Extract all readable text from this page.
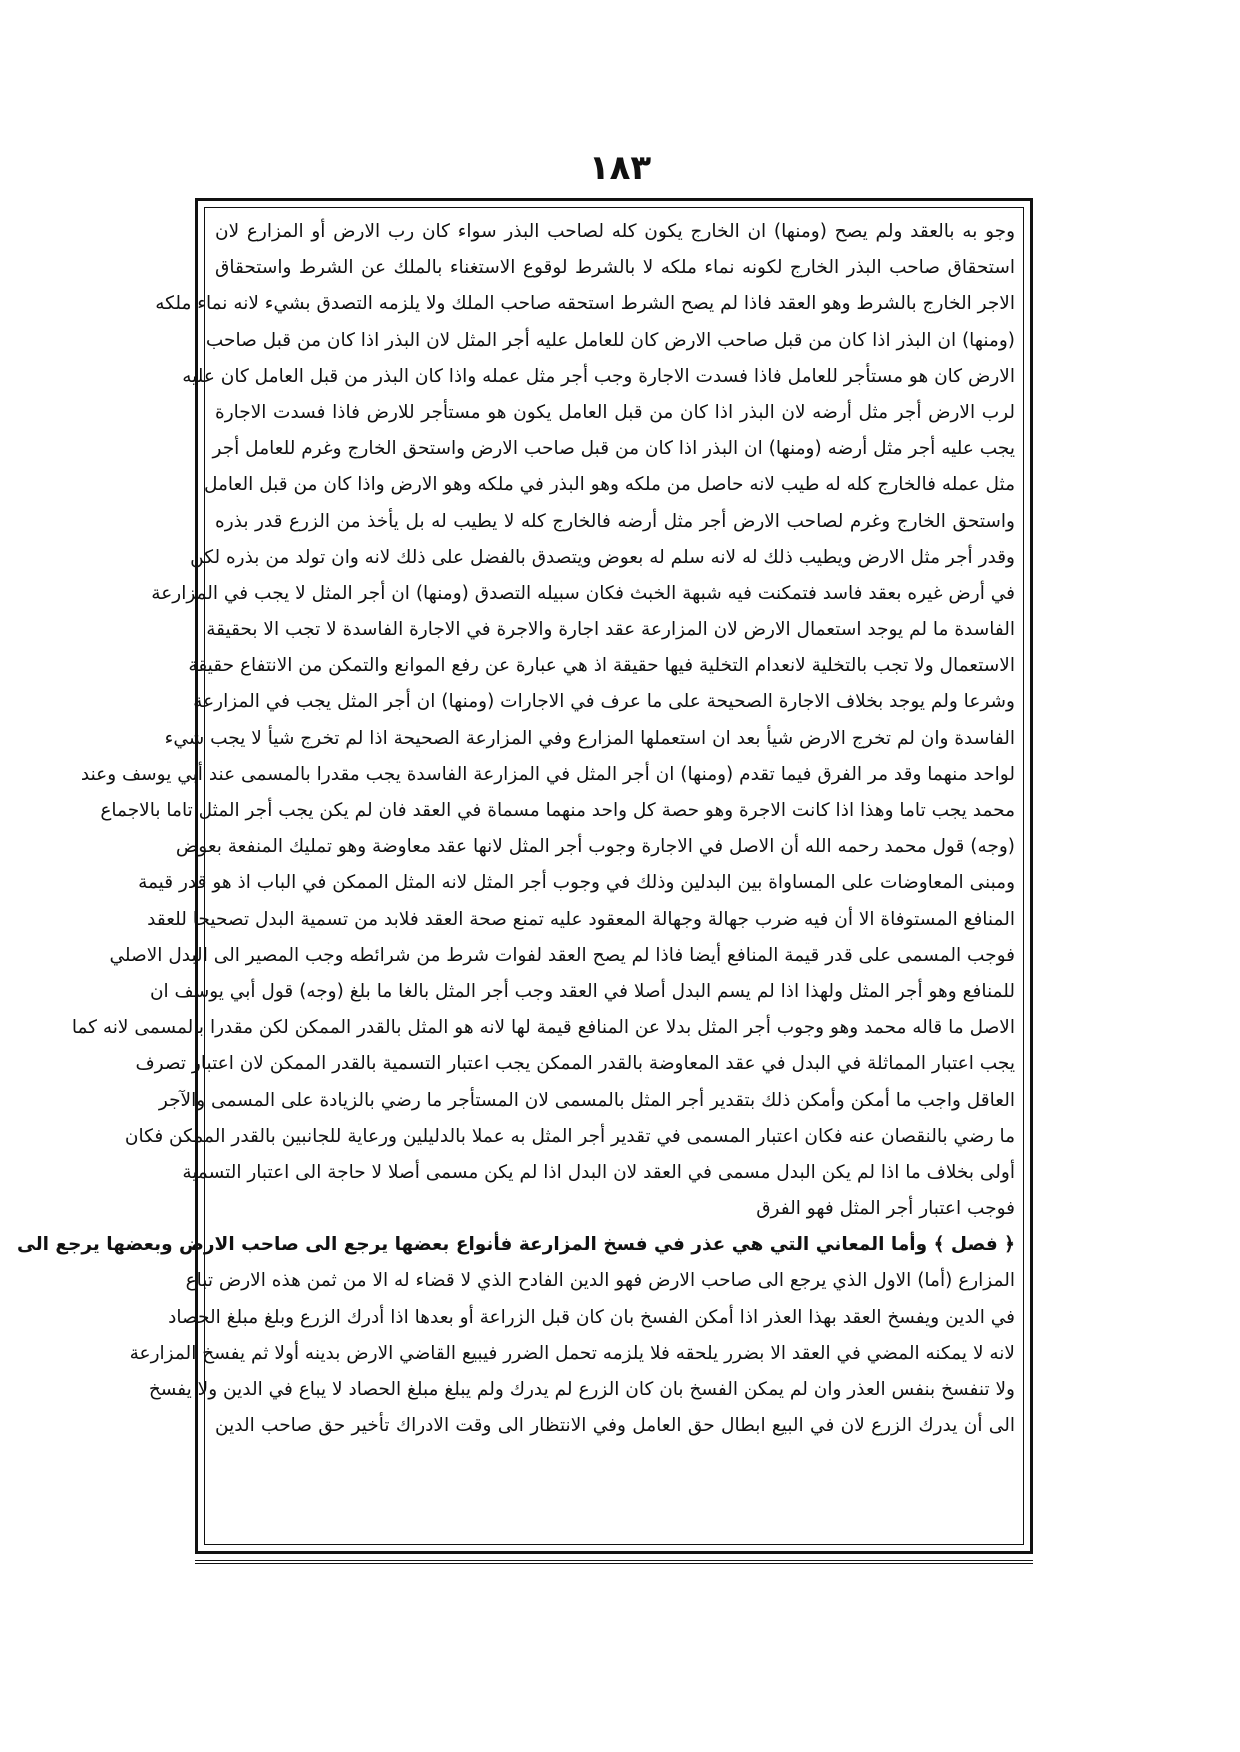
١٨٣
وجو به بالعقد ولم يصح (ومنها) ان الخارج يكون كله لصاحب البذر سواء كان رب الارض أو المزارع لان
استحقاق صاحب البذر الخارج لكونه نماء ملكه لا بالشرط لوقوع الاستغناء بالملك عن الشرط واستحقاق
الاجر الخارج بالشرط وهو العقد فاذا لم يصح الشرط استحقه صاحب الملك ولا يلزمه التصدق بشيء لانه نماء ملكه
(ومنها) ان البذر اذا كان من قبل صاحب الارض كان للعامل عليه أجر المثل لان البذر اذا كان من قبل صاحب
الارض كان هو مستأجر للعامل فاذا فسدت الاجارة وجب أجر مثل عمله واذا كان البذر من قبل العامل كان عليه
لرب الارض أجر مثل أرضه لان البذر اذا كان من قبل العامل يكون هو مستأجر للارض فاذا فسدت الاجارة
يجب عليه أجر مثل أرضه (ومنها) ان البذر اذا كان من قبل صاحب الارض واستحق الخارج وغرم للعامل أجر
مثل عمله فالخارج كله له طيب لانه حاصل من ملكه وهو البذر في ملكه وهو الارض واذا كان من قبل العامل
واستحق الخارج وغرم لصاحب الارض أجر مثل أرضه فالخارج كله لا يطيب له بل يأخذ من الزرع قدر بذره
وقدر أجر مثل الارض ويطيب ذلك له لانه سلم له بعوض ويتصدق بالفضل على ذلك لانه وان تولد من بذره لكن
في أرض غيره بعقد فاسد فتمكنت فيه شبهة الخبث فكان سبيله التصدق (ومنها) ان أجر المثل لا يجب في المزارعة
الفاسدة ما لم يوجد استعمال الارض لان المزارعة عقد اجارة والاجرة في الاجارة الفاسدة لا تجب الا بحقيقة
الاستعمال ولا تجب بالتخلية لانعدام التخلية فيها حقيقة اذ هي عبارة عن رفع الموانع والتمكن من الانتفاع حقيقة
وشرعا ولم يوجد بخلاف الاجارة الصحيحة على ما عرف في الاجارات (ومنها) ان أجر المثل يجب في المزارعة
الفاسدة وان لم تخرج الارض شيأ بعد ان استعملها المزارع وفي المزارعة الصحيحة اذا لم تخرج شيأ لا يجب شيء
لواحد منهما وقد مر الفرق فيما تقدم (ومنها) ان أجر المثل في المزارعة الفاسدة يجب مقدرا بالمسمى عند أبي يوسف وعند
محمد يجب تاما وهذا اذا كانت الاجرة وهو حصة كل واحد منهما مسماة في العقد فان لم يكن يجب أجر المثل تاما بالاجماع
(وجه) قول محمد رحمه الله أن الاصل في الاجارة وجوب أجر المثل لانها عقد معاوضة وهو تمليك المنفعة بعوض
ومبنى المعاوضات على المساواة بين البدلين وذلك في وجوب أجر المثل لانه المثل الممكن في الباب اذ هو قدر قيمة
المنافع المستوفاة الا أن فيه ضرب جهالة وجهالة المعقود عليه تمنع صحة العقد فلابد من تسمية البدل تصحيحا للعقد
فوجب المسمى على قدر قيمة المنافع أيضا فاذا لم يصح العقد لفوات شرط من شرائطه وجب المصير الى البدل الاصلي
للمنافع وهو أجر المثل ولهذا اذا لم يسم البدل أصلا في العقد وجب أجر المثل بالغا ما بلغ (وجه) قول أبي يوسف ان
الاصل ما قاله محمد وهو وجوب أجر المثل بدلا عن المنافع قيمة لها لانه هو المثل بالقدر الممكن لكن مقدرا بالمسمى لانه كما
يجب اعتبار المماثلة في البدل في عقد المعاوضة بالقدر الممكن يجب اعتبار التسمية بالقدر الممكن لان اعتبار تصرف
العاقل واجب ما أمكن وأمكن ذلك بتقدير أجر المثل بالمسمى لان المستأجر ما رضي بالزيادة على المسمى والآجر
ما رضي بالنقصان عنه فكان اعتبار المسمى في تقدير أجر المثل به عملا بالدليلين ورعاية للجانبين بالقدر الممكن فكان
أولى بخلاف ما اذا لم يكن البدل مسمى في العقد لان البدل اذا لم يكن مسمى أصلا لا حاجة الى اعتبار التسمية
فوجب اعتبار أجر المثل فهو الفرق
﴿ فصل ﴾ وأما المعاني التي هي عذر في فسخ المزارعة فأنواع بعضها يرجع الى صاحب الارض وبعضها يرجع الى
المزارع (أما) الاول الذي يرجع الى صاحب الارض فهو الدين الفادح الذي لا قضاء له الا من ثمن هذه الارض تباع
في الدين ويفسخ العقد بهذا العذر اذا أمكن الفسخ بان كان قبل الزراعة أو بعدها اذا أدرك الزرع وبلغ مبلغ الحصاد
لانه لا يمكنه المضي في العقد الا بضرر يلحقه فلا يلزمه تحمل الضرر فيبيع القاضي الارض بدينه أولا ثم يفسخ المزارعة
ولا تنفسخ بنفس العذر وان لم يمكن الفسخ بان كان الزرع لم يدرك ولم يبلغ مبلغ الحصاد لا يباع في الدين ولا يفسخ
الى أن يدرك الزرع لان في البيع ابطال حق العامل وفي الانتظار الى وقت الادراك تأخير حق صاحب الدين
